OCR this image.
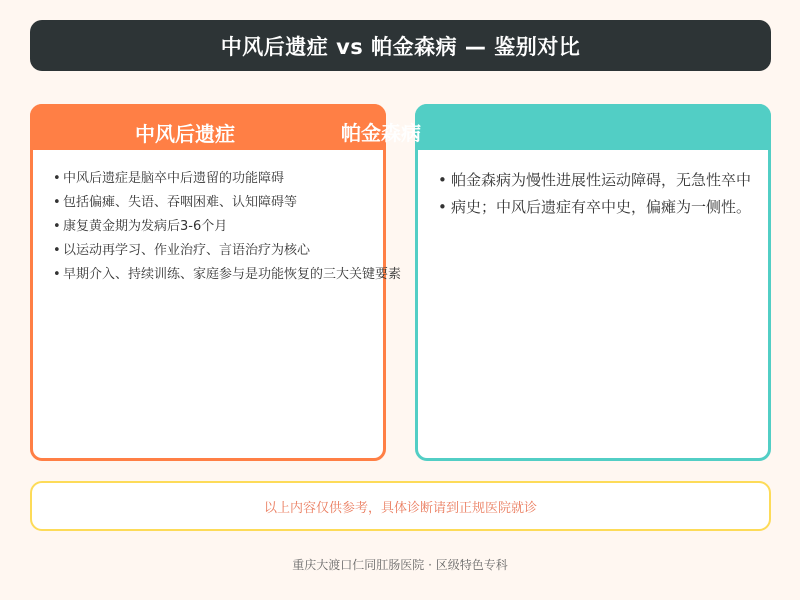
中风后遗症 vs 帕金森病 — 鉴别对比
中风后遗症
• 中风后遗症是脑卒中后遗留的功能障碍
• 包括偏瘫、失语、吞咽困难、认知障碍等
• 康复黄金期为发病后3-6个月
• 以运动再学习、作业治疗、言语治疗为核心
• 早期介入、持续训练、家庭参与是功能恢复的三大关键要素
• 帕金森病为慢性进展性运动障碍，无急性卒中
• 病史；中风后遗症有卒中史，偏瘫为一侧性。
帕金森病
以上内容仅供参考，具体诊断请到正规医院就诊
重庆大渡口仁同肛肠医院 · 区级特色专科
